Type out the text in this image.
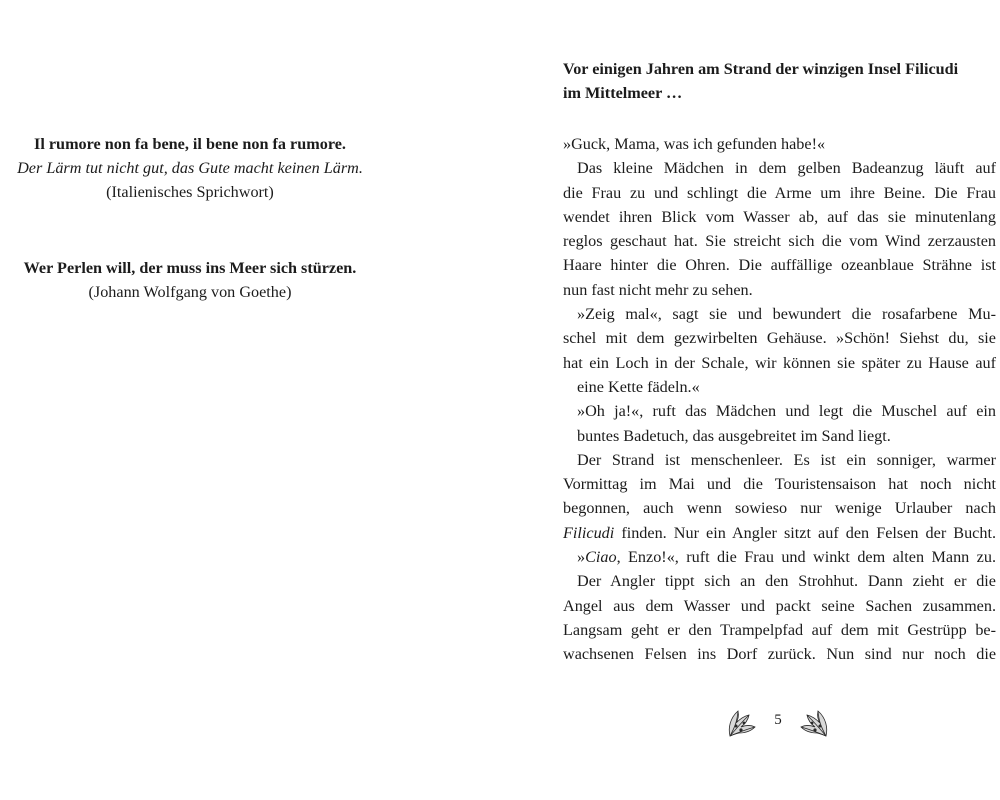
Il rumore non fa bene, il bene non fa rumore.
Der Lärm tut nicht gut, das Gute macht keinen Lärm.
(Italienisches Sprichwort)
Wer Perlen will, der muss ins Meer sich stürzen.
(Johann Wolfgang von Goethe)
Vor einigen Jahren am Strand der winzigen Insel Filicudi
im Mittelmeer …

»Guck, Mama, was ich gefunden habe!«

Das kleine Mädchen in dem gelben Badeanzug läuft auf
die Frau zu und schlingt die Arme um ihre Beine. Die Frau
wendet ihren Blick vom Wasser ab, auf das sie minutenlang
reglos geschaut hat. Sie streicht sich die vom Wind zerzausten
Haare hinter die Ohren. Die auffällige ozeanblaue Strähne ist
nun fast nicht mehr zu sehen.

»Zeig mal«, sagt sie und bewundert die rosafarbene Mu-
schel mit dem gezwirbelten Gehäuse. »Schön! Siehst du, sie
hat ein Loch in der Schale, wir können sie später zu Hause auf
eine Kette fädeln.«

»Oh ja!«, ruft das Mädchen und legt die Muschel auf ein
buntes Badetuch, das ausgebreitet im Sand liegt.

Der Strand ist menschenleer. Es ist ein sonniger, warmer
Vormittag im Mai und die Touristensaison hat noch nicht
begonnen, auch wenn sowieso nur wenige Urlauber nach
Filicudi finden. Nur ein Angler sitzt auf den Felsen der Bucht.

»Ciao, Enzo!«, ruft die Frau und winkt dem alten Mann zu.

Der Angler tippt sich an den Strohhut. Dann zieht er die
Angel aus dem Wasser und packt seine Sachen zusammen.
Langsam geht er den Trampelpfad auf dem mit Gestrüpp be-
wachsenen Felsen ins Dorf zurück. Nun sind nur noch die

5
